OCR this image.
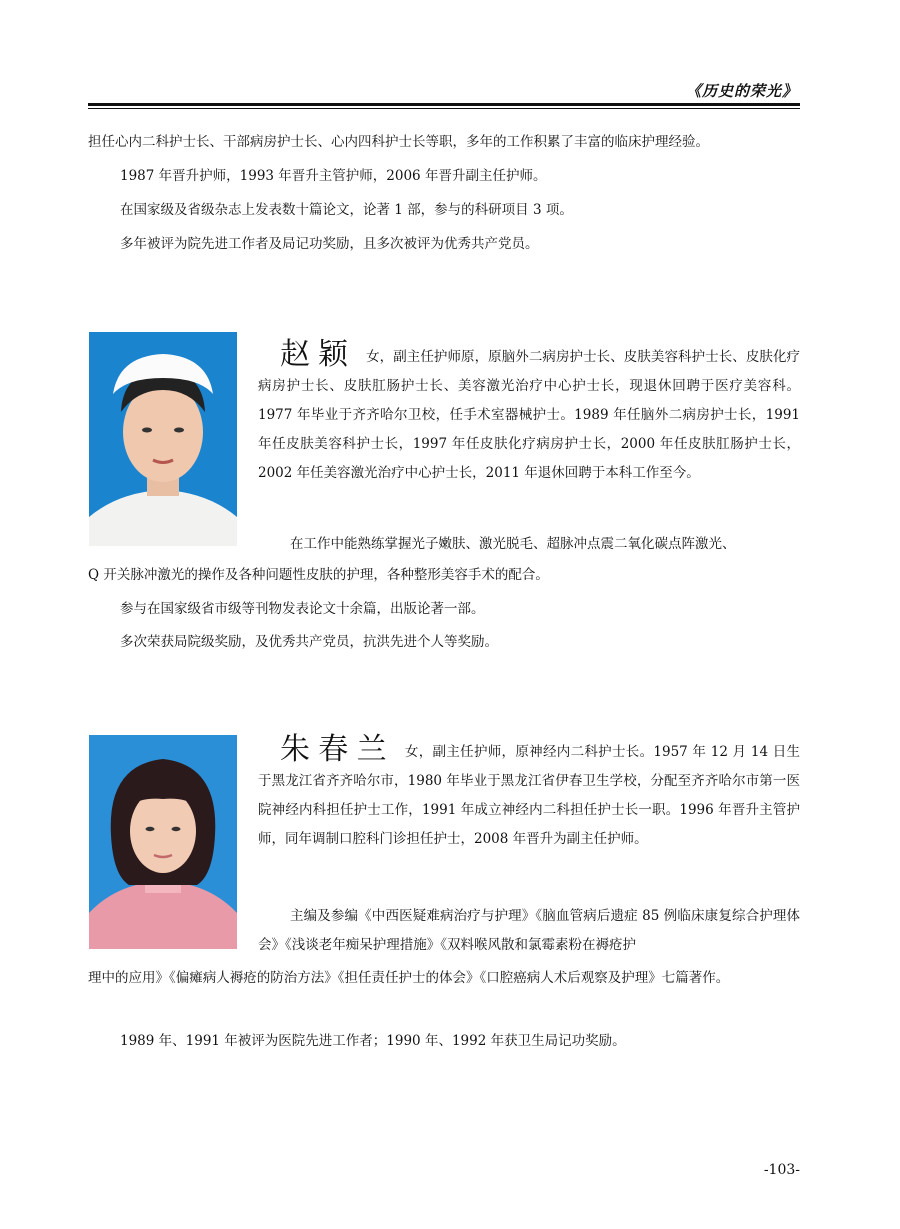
《历史的荣光》

担任心内二科护士长、干部病房护士长、心内四科护士长等职，多年的工作积累了丰富的临床护理经验。

1987 年晋升护师，1993 年晋升主管护师，2006 年晋升副主任护师。

在国家级及省级杂志上发表数十篇论文，论著 1 部，参与的科研项目 3 项。

多年被评为院先进工作者及局记功奖励，且多次被评为优秀共产党员。

赵颖 女，副主任护师原，原脑外二病房护士长、皮肤美容科护士长、皮肤化疗病房护士长、皮肤肛肠护士长、美容激光治疗中心护士长，现退休回聘于医疗美容科。1977 年毕业于齐齐哈尔卫校，任手术室器械护士。1989 年任脑外二病房护士长，1991 年任皮肤美容科护士长，1997 年任皮肤化疗病房护士长，2000 年任皮肤肛肠护士长，2002 年任美容激光治疗中心护士长，2011 年退休回聘于本科工作至今。

在工作中能熟练掌握光子嫩肤、激光脱毛、超脉冲点震二氧化碳点阵激光、

Q 开关脉冲激光的操作及各种问题性皮肤的护理，各种整形美容手术的配合。

参与在国家级省市级等刊物发表论文十余篇，出版论著一部。

多次荣获局院级奖励，及优秀共产党员，抗洪先进个人等奖励。

朱春兰 女，副主任护师，原神经内二科护士长。1957 年 12 月 14 日生于黑龙江省齐齐哈尔市，1980 年毕业于黑龙江省伊春卫生学校，分配至齐齐哈尔市第一医院神经内科担任护士工作，1991 年成立神经内二科担任护士长一职。1996 年晋升主管护师，同年调制口腔科门诊担任护士，2008 年晋升为副主任护师。

主编及参编《中西医疑难病治疗与护理》《脑血管病后遗症 85 例临床康复综合护理体会》《浅谈老年痴呆护理措施》《双料喉风散和氯霉素粉在褥疮护

理中的应用》《偏瘫病人褥疮的防治方法》《担任责任护士的体会》《口腔癌病人术后观察及护理》七篇著作。

1989 年、1991 年被评为医院先进工作者；1990 年、1992 年获卫生局记功奖励。

-103-
